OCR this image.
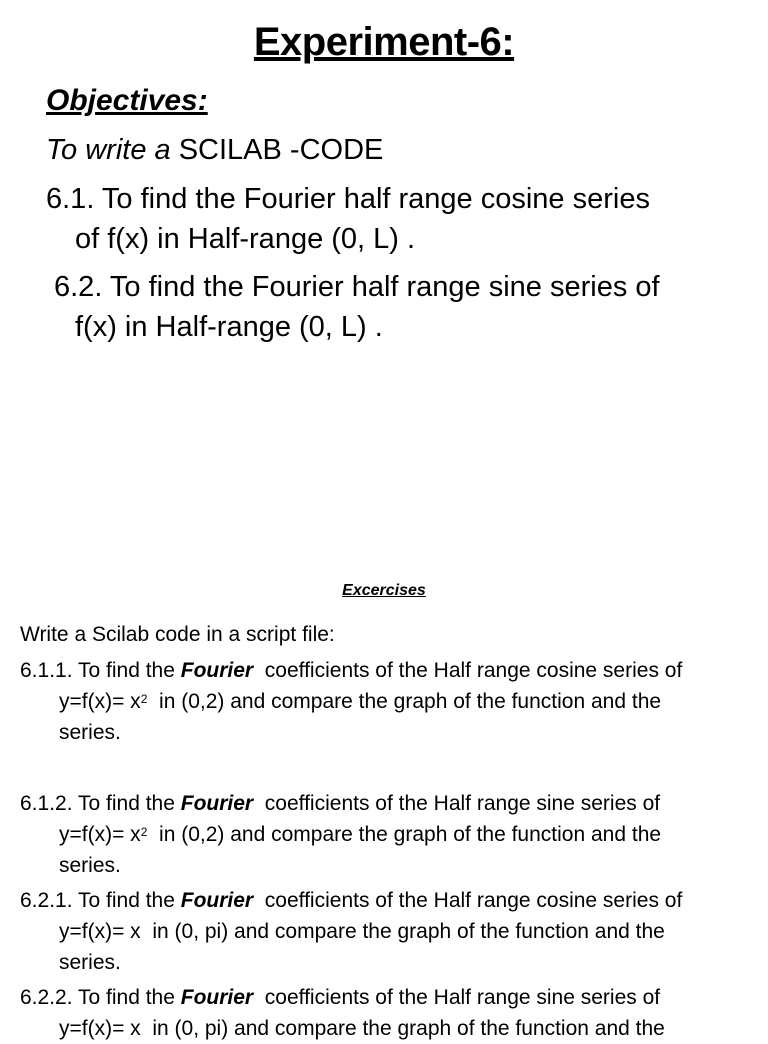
Experiment-6:
Objectives:
To write a SCILAB -CODE
6.1. To find the Fourier half range cosine series
of f(x) in Half-range (0, L) .
6.2. To find the Fourier half range sine series of
f(x) in Half-range (0, L) .
Excercises
Write a Scilab code in a script file:
6.1.1. To find the Fourier coefficients of the Half range cosine series of
$y=f(x)= x^2$ in (0,2) and compare the graph of the function and the
series.
6.1.2. To find the Fourier coefficients of the Half range sine series of
$y=f(x)= x^2$ in (0,2) and compare the graph of the function and the
series.
6.2.1. To find the Fourier coefficients of the Half range cosine series of
y=f(x)= x in (0, pi) and compare the graph of the function and the
series.
6.2.2. To find the Fourier coefficients of the Half range sine series of
y=f(x)= x in (0, pi) and compare the graph of the function and the
